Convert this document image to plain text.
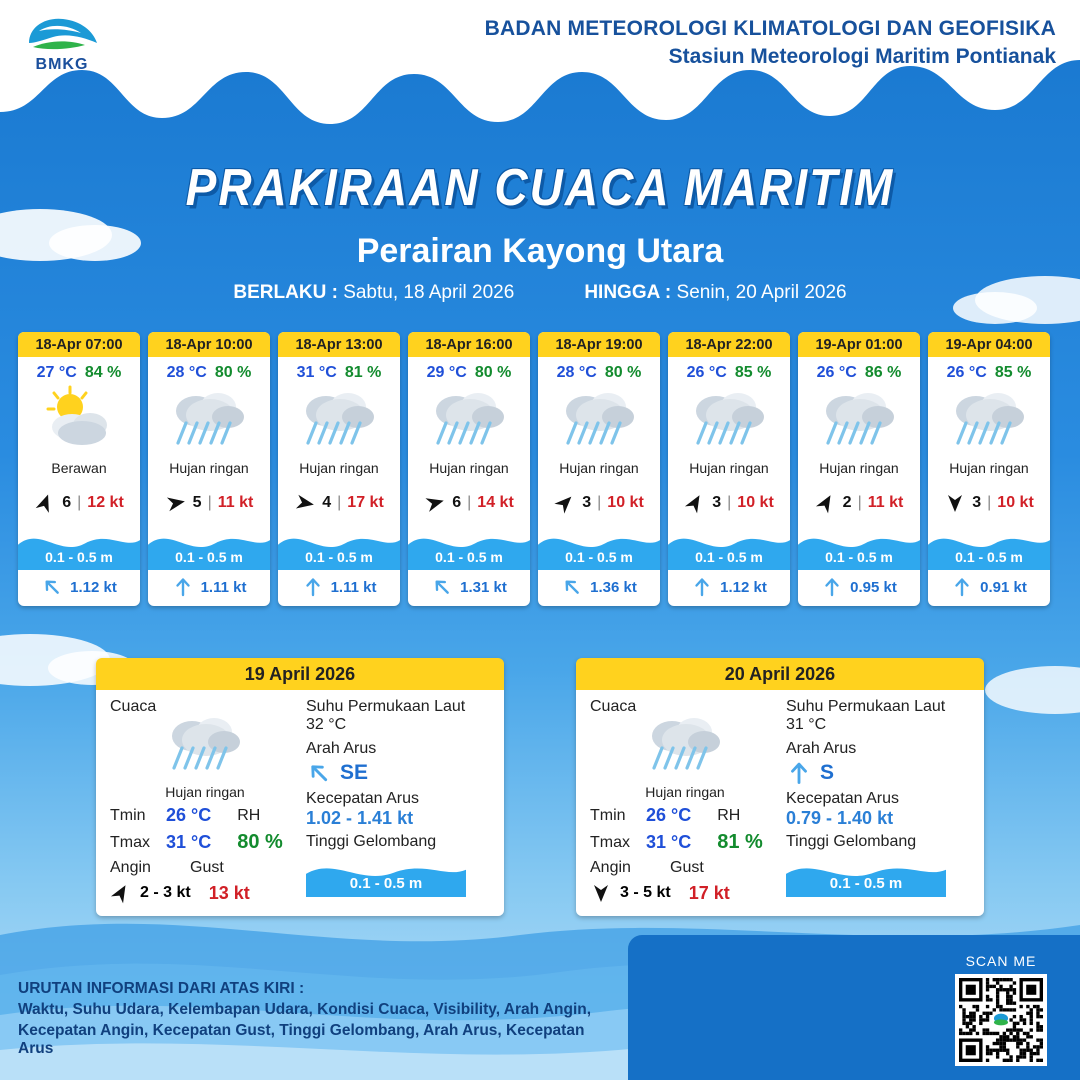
BMKG
BADAN METEOROLOGI KLIMATOLOGI DAN GEOFISIKA
Stasiun Meteorologi Maritim Pontianak
PRAKIRAAN CUACA MARITIM
Perairan Kayong Utara
BERLAKU : Sabtu, 18 April 2026	HINGGA : Senin, 20 April 2026
18-Apr 07:00
27 °C 84 %
Berawan
6 | 12 kt
0.1 - 0.5 m
1.12 kt
18-Apr 10:00
28 °C 80 %
Hujan ringan
5 | 11 kt
0.1 - 0.5 m
1.11 kt
18-Apr 13:00
31 °C 81 %
Hujan ringan
4 | 17 kt
0.1 - 0.5 m
1.11 kt
18-Apr 16:00
29 °C 80 %
Hujan ringan
6 | 14 kt
0.1 - 0.5 m
1.31 kt
18-Apr 19:00
28 °C 80 %
Hujan ringan
3 | 10 kt
0.1 - 0.5 m
1.36 kt
18-Apr 22:00
26 °C 85 %
Hujan ringan
3 | 10 kt
0.1 - 0.5 m
1.12 kt
19-Apr 01:00
26 °C 86 %
Hujan ringan
2 | 11 kt
0.1 - 0.5 m
0.95 kt
19-Apr 04:00
26 °C 85 %
Hujan ringan
3 | 10 kt
0.1 - 0.5 m
0.91 kt
19 April 2026
Cuaca
Hujan ringan
Tmin	26 °C RH
Tmax 31 °C 80 %
Angin	Gust
2 - 3 kt 13 kt
Suhu Permukaan Laut
32 °C
Arah Arus
SE
Kecepatan Arus
1.02 - 1.41 kt
Tinggi Gelombang
0.1 - 0.5 m
20 April 2026
Cuaca
Hujan ringan
Tmin	26 °C RH
Tmax 31 °C 81 %
Angin	Gust
3 - 5 kt 17 kt
Suhu Permukaan Laut
31 °C
Arah Arus
S
Kecepatan Arus
0.79 - 1.40 kt
Tinggi Gelombang
0.1 - 0.5 m
URUTAN INFORMASI DARI ATAS KIRI :
Waktu, Suhu Udara, Kelembapan Udara, Kondisi Cuaca, Visibility, Arah Angin,
Kecepatan Angin, Kecepatan Gust, Tinggi Gelombang, Arah Arus, Kecepatan Arus
SCAN ME
